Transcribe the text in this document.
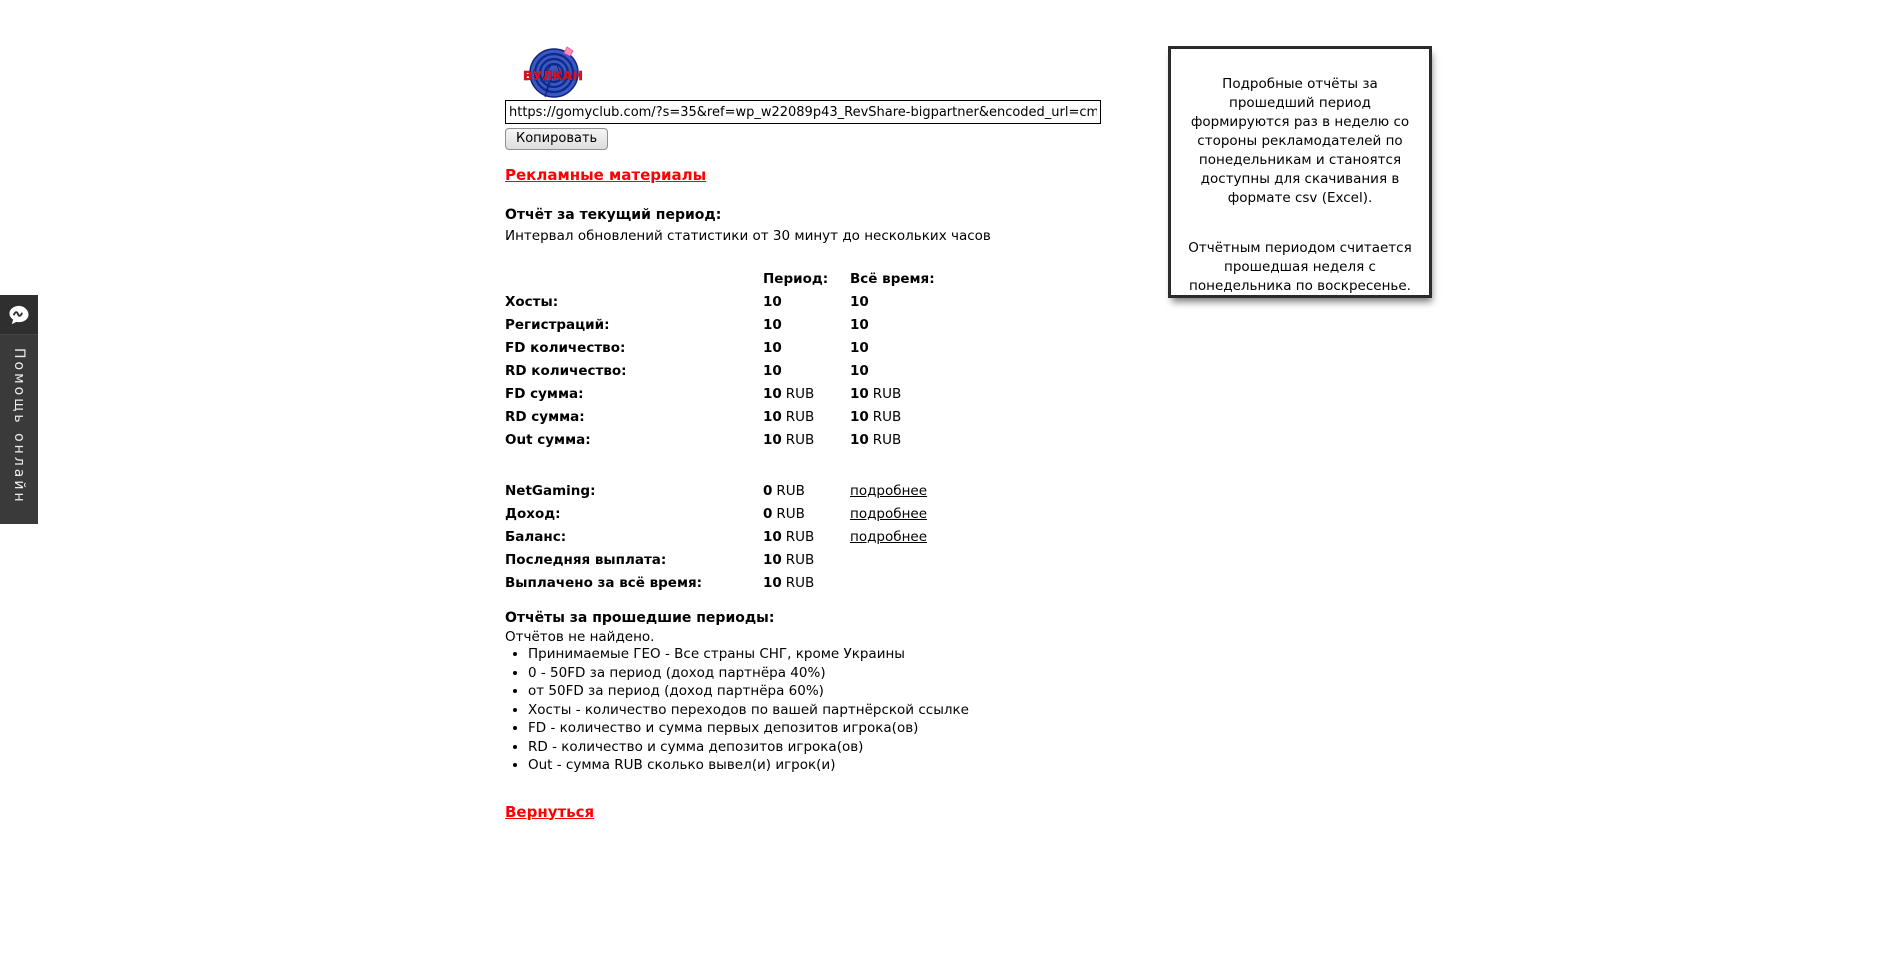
ВУЛКАН
https://gomyclub.com/?s=35&ref=wp_w22089p43_RevShare-bigpartner&encoded_url=cmVnaXN
Копировать
Рекламные материалы
Отчёт за текущий период:
Интервал обновлений статистики от 30 минут до нескольких часов
Период:	Всё время:
Хосты:	10	10
Регистраций:	10	10
FD количество:	10	10
RD количество:	10	10
FD сумма:	10 RUB	10 RUB
RD сумма:	10 RUB	10 RUB
Out сумма:	10 RUB	10 RUB
NetGaming:	0 RUB	подробнее
Доход:	0 RUB	подробнее
Баланс:	10 RUB	подробнее
Последняя выплата:	10 RUB
Выплачено за всё время:	10 RUB
Отчёты за прошедшие периоды:
Отчётов не найдено.
• Принимаемые ГЕО - Все страны СНГ, кроме Украины
• 0 - 50FD за период (доход партнёра 40%)
• от 50FD за период (доход партнёра 60%)
• Хосты - количество переходов по вашей партнёрской ссылке
• FD - количество и сумма первых депозитов игрока(ов)
• RD - количество и сумма депозитов игрока(ов)
• Out - сумма RUB сколько вывел(и) игрок(и)
Вернуться

Подробные отчёты за прошедший период формируются раз в неделю со стороны рекламодателей по понедельникам и станоятся доступны для скачивания в формате csv (Excel).

Отчётным периодом считается прошедшая неделя с понедельника по воскресенье.

Помощь онлайн
